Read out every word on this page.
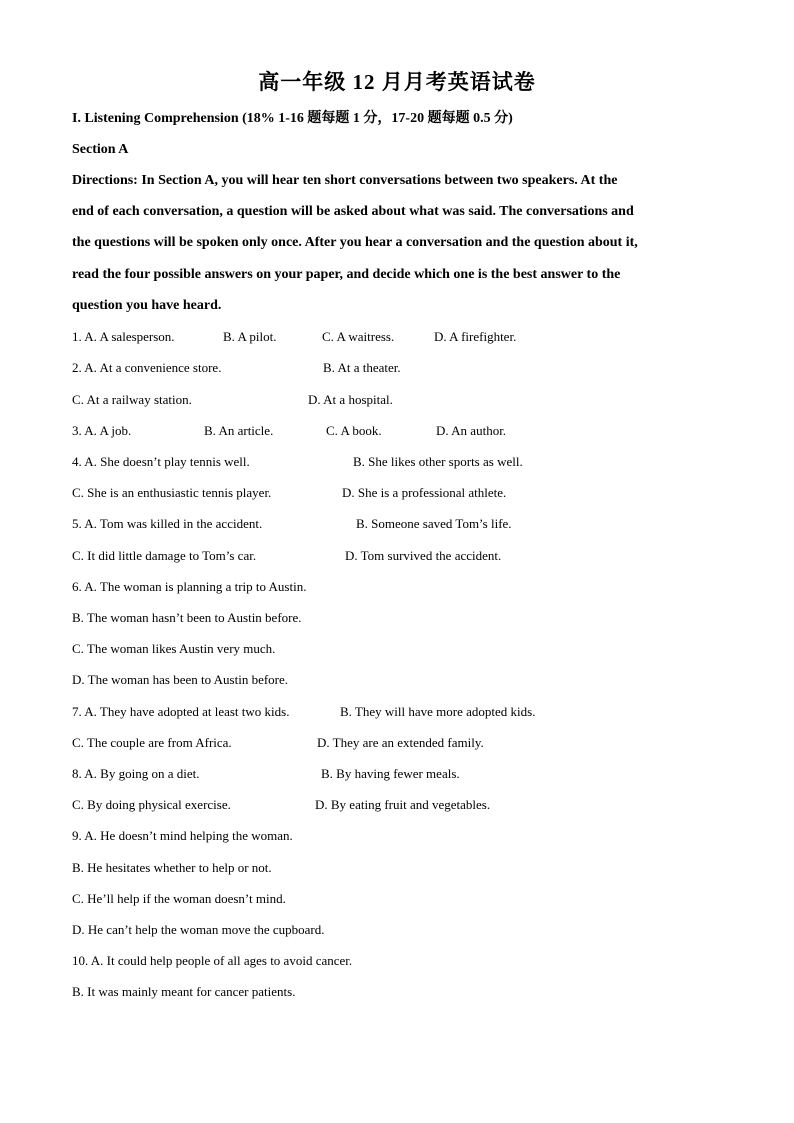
高一年级 12 月月考英语试卷
I. Listening Comprehension (18% 1-16 题每题 1 分，17-20 题每题 0.5 分)
Section A
Directions: In Section A, you will hear ten short conversations between two speakers. At the
end of each conversation, a question will be asked about what was said. The conversations and
the questions will be spoken only once. After you hear a conversation and the question about it,
read the four possible answers on your paper, and decide which one is the best answer to the
question you have heard.
1. A. A salesperson.	B. A pilot.	C. A waitress.	D. A firefighter.
2. A. At a convenience store.	B. At a theater.
C. At a railway station.	D. At a hospital.
3. A. A job.	B. An article.	C. A book.	D. An author.
4. A. She doesn’t play tennis well.	B. She likes other sports as well.
C. She is an enthusiastic tennis player.	D. She is a professional athlete.
5. A. Tom was killed in the accident.	B. Someone saved Tom’s life.
C. It did little damage to Tom’s car.	D. Tom survived the accident.
6. A. The woman is planning a trip to Austin.
B. The woman hasn’t been to Austin before.
C. The woman likes Austin very much.
D. The woman has been to Austin before.
7. A. They have adopted at least two kids.	B. They will have more adopted kids.
C. The couple are from Africa.	D. They are an extended family.
8. A. By going on a diet.	B. By having fewer meals.
C. By doing physical exercise.	D. By eating fruit and vegetables.
9. A. He doesn’t mind helping the woman.
B. He hesitates whether to help or not.
C. He’ll help if the woman doesn’t mind.
D. He can’t help the woman move the cupboard.
10. A. It could help people of all ages to avoid cancer.
B. It was mainly meant for cancer patients.
